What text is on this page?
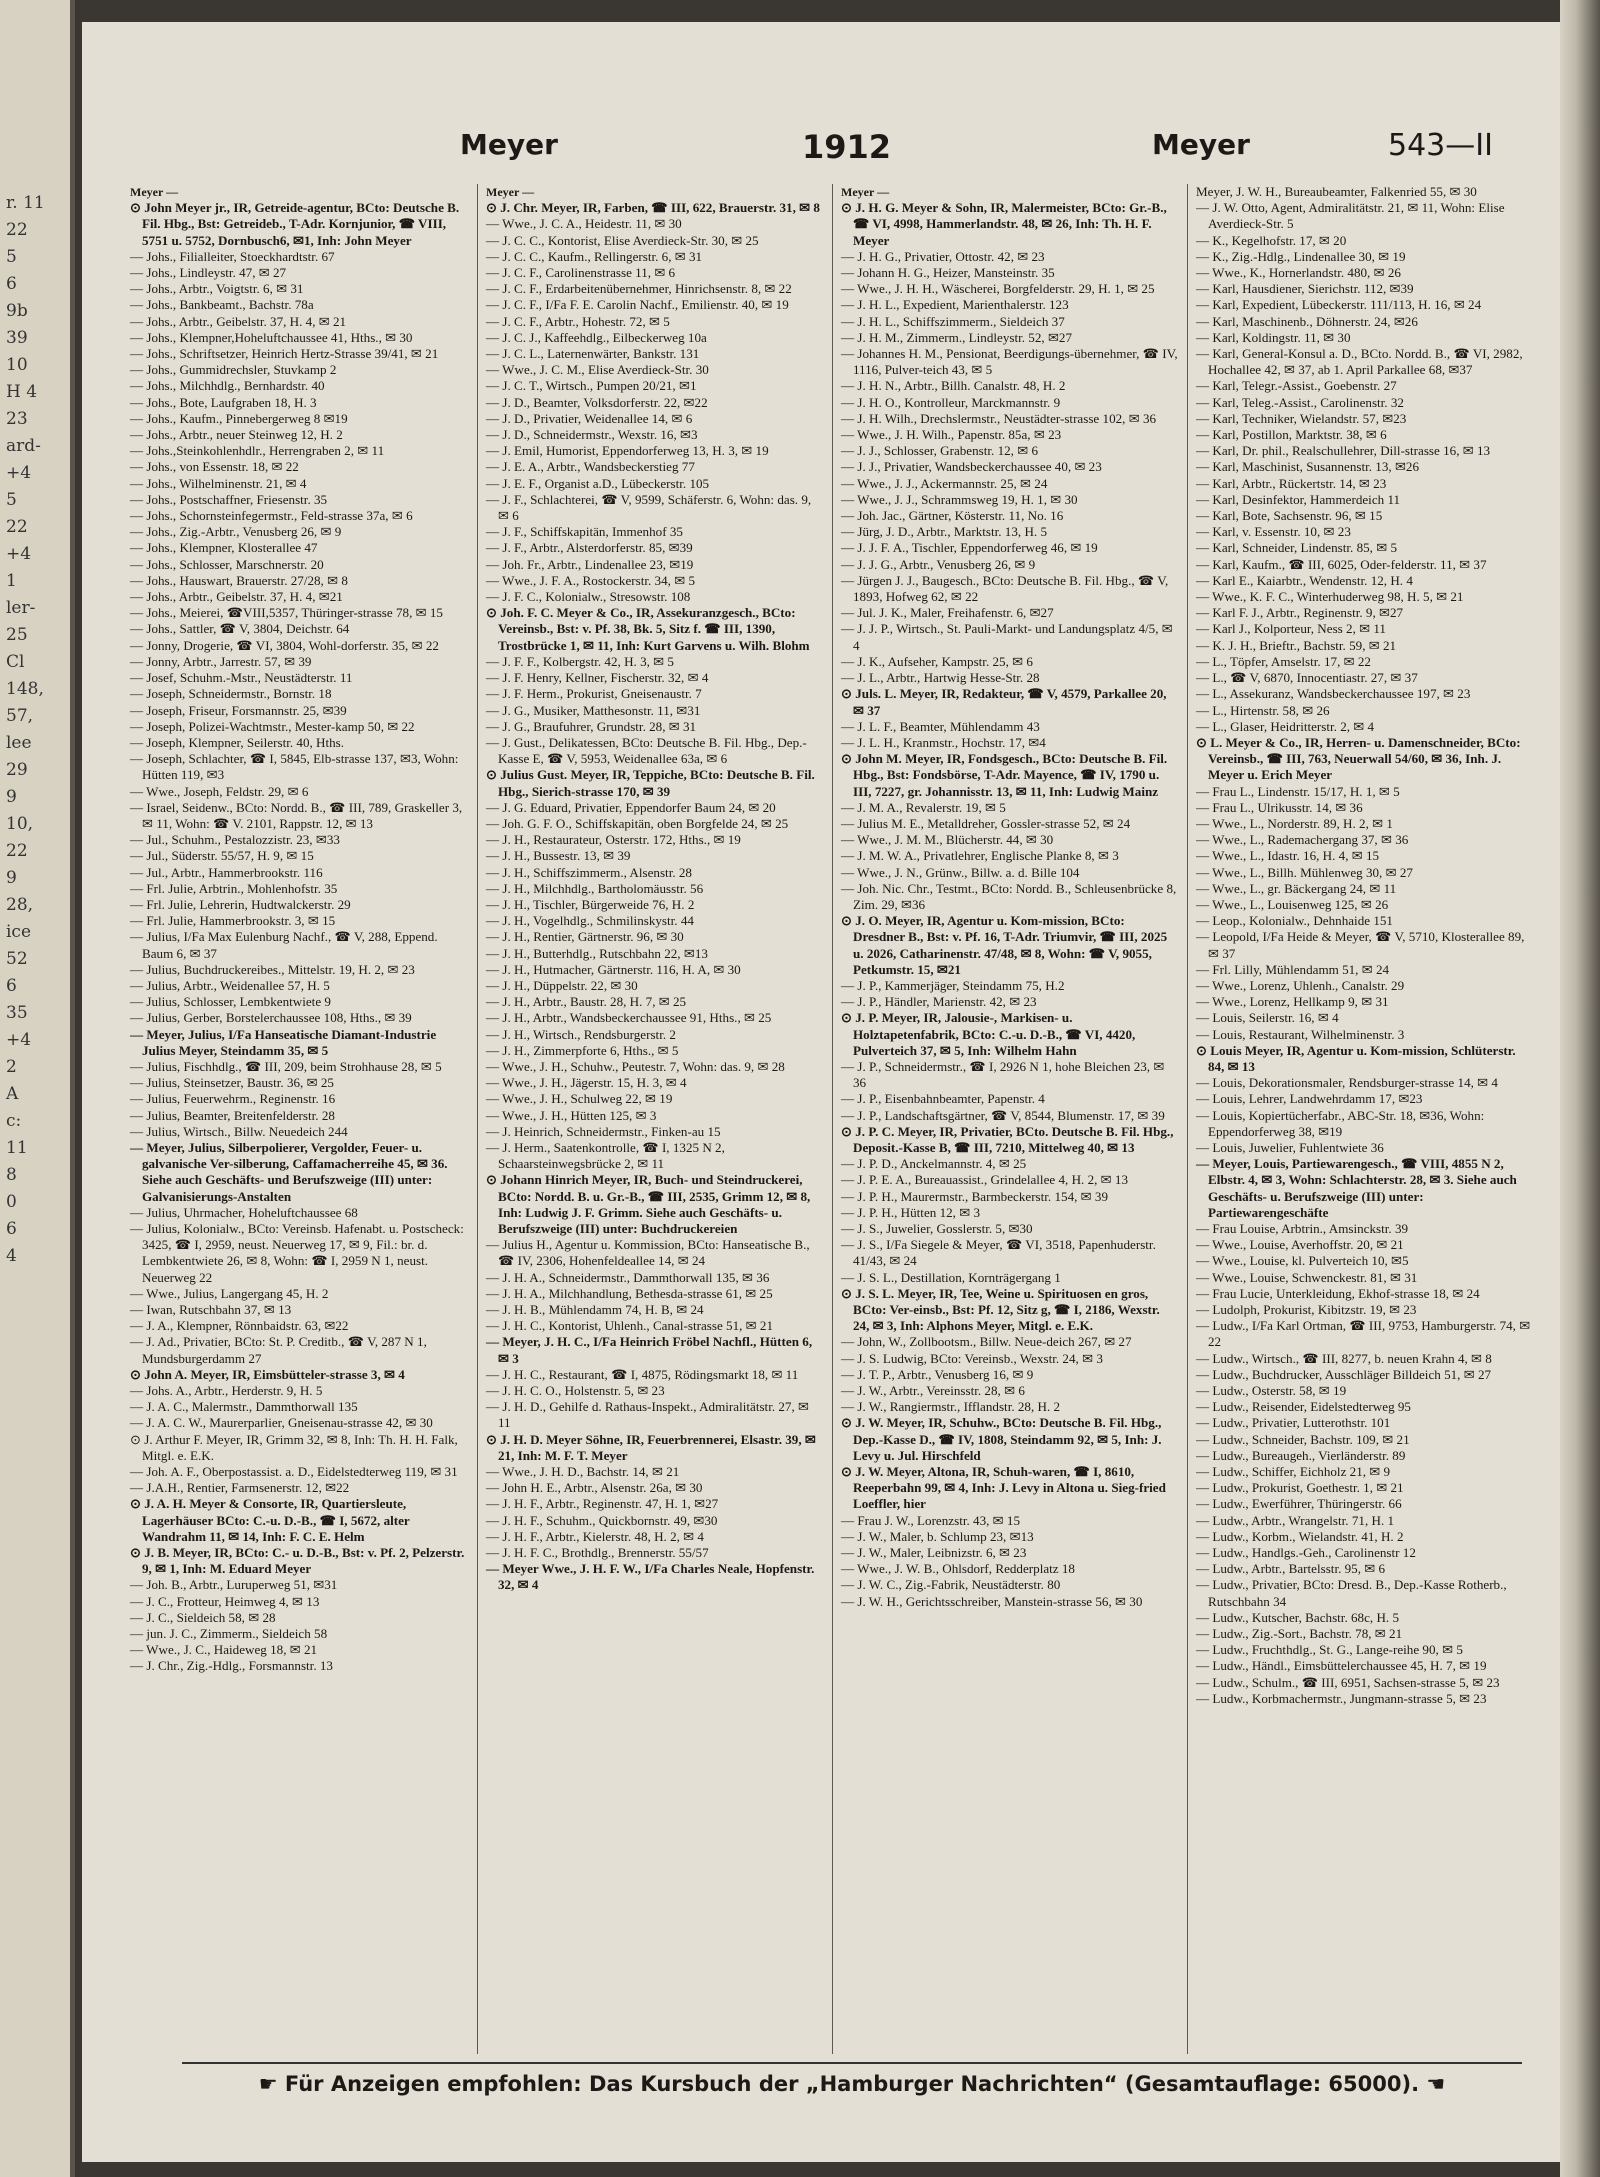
r. 11
22
5
6
9b
39
10
H 4
23
ard-
+4
5
22
+4
1
ler-
25
Cl
148,
57,
lee
29
9
10,
22
9
28,
ice
52
6
35
+4
2
A
c:
11
8
0
6
4
Meyer	1912	Meyer	543—II
Meyer —
⊙ John Meyer jr., IR, Getreide-agentur, BCto: Deutsche B. Fil. Hbg., Bst: Getreideb., T-Adr. Kornjunior, ☎ VIII, 5751 u. 5752, Dornbusch6, ✉1, Inh: John Meyer
— Johs., Filialleiter, Stoeckhardtstr. 67
— Johs., Lindleystr. 47, ✉ 27
— Johs., Arbtr., Voigtstr. 6, ✉ 31
— Johs., Bankbeamt., Bachstr. 78a
— Johs., Arbtr., Geibelstr. 37, H. 4, ✉ 21
— Johs., Klempner,Hoheluftchaussee 41, Hths., ✉ 30
— Johs., Schriftsetzer, Heinrich Hertz-Strasse 39/41, ✉ 21
— Johs., Gummidrechsler, Stuvkamp 2
— Johs., Milchhdlg., Bernhardstr. 40
— Johs., Bote, Laufgraben 18, H. 3
— Johs., Kaufm., Pinnebergerweg 8 ✉19
— Johs., Arbtr., neuer Steinweg 12, H. 2
— Johs.,Steinkohlenhdlr., Herrengraben 2, ✉ 11
— Johs., von Essenstr. 18, ✉ 22
— Johs., Wilhelminenstr. 21, ✉ 4
— Johs., Postschaffner, Friesenstr. 35
— Johs., Schornsteinfegermstr., Feld-strasse 37a, ✉ 6
— Johs., Zig.-Arbtr., Venusberg 26, ✉ 9
— Johs., Klempner, Klosterallee 47
— Johs., Schlosser, Marschnerstr. 20
— Johs., Hauswart, Brauerstr. 27/28, ✉ 8
— Johs., Arbtr., Geibelstr. 37, H. 4, ✉21
— Johs., Meierei, ☎VIII,5357, Thüringer-strasse 78, ✉ 15
— Johs., Sattler, ☎ V, 3804, Deichstr. 64
— Jonny, Drogerie, ☎ VI, 3804, Wohl-dorferstr. 35, ✉ 22
— Jonny, Arbtr., Jarrestr. 57, ✉ 39
— Josef, Schuhm.-Mstr., Neustädterstr. 11
— Joseph, Schneidermstr., Bornstr. 18
— Joseph, Friseur, Forsmannstr. 25, ✉39
— Joseph, Polizei-Wachtmstr., Mester-kamp 50, ✉ 22
— Joseph, Klempner, Seilerstr. 40, Hths.
— Joseph, Schlachter, ☎ I, 5845, Elb-strasse 137, ✉3, Wohn: Hütten 119, ✉3
— Wwe., Joseph, Feldstr. 29, ✉ 6
— Israel, Seidenw., BCto: Nordd. B., ☎ III, 789, Graskeller 3, ✉ 11, Wohn: ☎ V. 2101, Rappstr. 12, ✉ 13
— Jul., Schuhm., Pestalozzistr. 23, ✉33
— Jul., Süderstr. 55/57, H. 9, ✉ 15
— Jul., Arbtr., Hammerbrookstr. 116
— Frl. Julie, Arbtrin., Mohlenhofstr. 35
— Frl. Julie, Lehrerin, Hudtwalckerstr. 29
— Frl. Julie, Hammerbrookstr. 3, ✉ 15
— Julius, I/Fa Max Eulenburg Nachf., ☎ V, 288, Eppend. Baum 6, ✉ 37
— Julius, Buchdruckereibes., Mittelstr. 19, H. 2, ✉ 23
— Julius, Arbtr., Weidenallee 57, H. 5
— Julius, Schlosser, Lembkentwiete 9
— Julius, Gerber, Borstelerchaussee 108, Hths., ✉ 39
— Meyer, Julius, I/Fa Hanseatische Diamant-Industrie Julius Meyer, Steindamm 35, ✉ 5
— Julius, Fischhdlg., ☎ III, 209, beim Strohhause 28, ✉ 5
— Julius, Steinsetzer, Baustr. 36, ✉ 25
— Julius, Feuerwehrm., Reginenstr. 16
— Julius, Beamter, Breitenfelderstr. 28
— Julius, Wirtsch., Billw. Neuedeich 244
— Meyer, Julius, Silberpolierer, Vergolder, Feuer- u. galvanische Ver-silberung, Caffamacherreihe 45, ✉ 36. Siehe auch Geschäfts- und Berufszweige (III) unter: Galvanisierungs-Anstalten
— Julius, Uhrmacher, Hoheluftchaussee 68
— Julius, Kolonialw., BCto: Vereinsb. Hafenabt. u. Postscheck: 3425, ☎ I, 2959, neust. Neuerweg 17, ✉ 9, Fil.: br. d. Lembkentwiete 26, ✉ 8, Wohn: ☎ I, 2959 N 1, neust. Neuerweg 22
— Wwe., Julius, Langergang 45, H. 2
— Iwan, Rutschbahn 37, ✉ 13
— J. A., Klempner, Rönnbaidstr. 63, ✉22
— J. Ad., Privatier, BCto: St. P. Creditb., ☎ V, 287 N 1, Mundsburgerdamm 27
⊙ John A. Meyer, IR, Eimsbütteler-strasse 3, ✉ 4
— Johs. A., Arbtr., Herderstr. 9, H. 5
— J. A. C., Malermstr., Dammthorwall 135
— J. A. C. W., Maurerparlier, Gneisenau-strasse 42, ✉ 30
⊙ J. Arthur F. Meyer, IR, Grimm 32, ✉ 8, Inh: Th. H. H. Falk, Mitgl. e. E.K.
— Joh. A. F., Oberpostassist. a. D., Eidelstedterweg 119, ✉ 31
— J.A.H., Rentier, Farmsenerstr. 12, ✉22
⊙ J. A. H. Meyer & Consorte, IR, Quartiersleute, Lagerhäuser BCto: C.-u. D.-B., ☎ I, 5672, alter Wandrahm 11, ✉ 14, Inh: F. C. E. Helm
⊙ J. B. Meyer, IR, BCto: C.- u. D.-B., Bst: v. Pf. 2, Pelzerstr. 9, ✉ 1, Inh: M. Eduard Meyer
— Joh. B., Arbtr., Luruperweg 51, ✉31
— J. C., Frotteur, Heimweg 4, ✉ 13
— J. C., Sieldeich 58, ✉ 28
— jun. J. C., Zimmerm., Sieldeich 58
— Wwe., J. C., Haideweg 18, ✉ 21
— J. Chr., Zig.-Hdlg., Forsmannstr. 13
Meyer —
⊙ J. Chr. Meyer, IR, Farben, ☎ III, 622, Brauerstr. 31, ✉ 8
— Wwe., J. C. A., Heidestr. 11, ✉ 30
— J. C. C., Kontorist, Elise Averdieck-Str. 30, ✉ 25
— J. C. C., Kaufm., Rellingerstr. 6, ✉ 31
— J. C. F., Carolinenstrasse 11, ✉ 6
— J. C. F., Erdarbeitenübernehmer, Hinrichsenstr. 8, ✉ 22
— J. C. F., I/Fa F. E. Carolin Nachf., Emilienstr. 40, ✉ 19
— J. C. F., Arbtr., Hohestr. 72, ✉ 5
— J. C. J., Kaffeehdlg., Eilbeckerweg 10a
— J. C. L., Laternenwärter, Bankstr. 131
— Wwe., J. C. M., Elise Averdieck-Str. 30
— J. C. T., Wirtsch., Pumpen 20/21, ✉1
— J. D., Beamter, Volksdorferstr. 22, ✉22
— J. D., Privatier, Weidenallee 14, ✉ 6
— J. D., Schneidermstr., Wexstr. 16, ✉3
— J. Emil, Humorist, Eppendorferweg 13, H. 3, ✉ 19
— J. E. A., Arbtr., Wandsbeckerstieg 77
— J. E. F., Organist a.D., Lübeckerstr. 105
— J. F., Schlachterei, ☎ V, 9599, Schäferstr. 6, Wohn: das. 9, ✉ 6
— J. F., Schiffskapitän, Immenhof 35
— J. F., Arbtr., Alsterdorferstr. 85, ✉39
— Joh. Fr., Arbtr., Lindenallee 23, ✉19
— Wwe., J. F. A., Rostockerstr. 34, ✉ 5
— J. F. C., Kolonialw., Stresowstr. 108
⊙ Joh. F. C. Meyer & Co., IR, Assekuranzgesch., BCto: Vereinsb., Bst: v. Pf. 38, Bk. 5, Sitz f. ☎ III, 1390, Trostbrücke 1, ✉ 11, Inh: Kurt Garvens u. Wilh. Blohm
— J. F. F., Kolbergstr. 42, H. 3, ✉ 5
— J. F. Henry, Kellner, Fischerstr. 32, ✉ 4
— J. F. Herm., Prokurist, Gneisenaustr. 7
— J. G., Musiker, Matthesonstr. 11, ✉31
— J. G., Braufuhrer, Grundstr. 28, ✉ 31
— J. Gust., Delikatessen, BCto: Deutsche B. Fil. Hbg., Dep.-Kasse E, ☎ V, 5953, Weidenallee 63a, ✉ 6
⊙ Julius Gust. Meyer, IR, Teppiche, BCto: Deutsche B. Fil. Hbg., Sierich-strasse 170, ✉ 39
— J. G. Eduard, Privatier, Eppendorfer Baum 24, ✉ 20
— Joh. G. F. O., Schiffskapitän, oben Borgfelde 24, ✉ 25
— J. H., Restaurateur, Osterstr. 172, Hths., ✉ 19
— J. H., Bussestr. 13, ✉ 39
— J. H., Schiffszimmerm., Alsenstr. 28
— J. H., Milchhdlg., Bartholomäusstr. 56
— J. H., Tischler, Bürgerweide 76, H. 2
— J. H., Vogelhdlg., Schmilinskystr. 44
— J. H., Rentier, Gärtnerstr. 96, ✉ 30
— J. H., Butterhdlg., Rutschbahn 22, ✉13
— J. H., Hutmacher, Gärtnerstr. 116, H. A, ✉ 30
— J. H., Düppelstr. 22, ✉ 30
— J. H., Arbtr., Baustr. 28, H. 7, ✉ 25
— J. H., Arbtr., Wandsbeckerchaussee 91, Hths., ✉ 25
— J. H., Wirtsch., Rendsburgerstr. 2
— J. H., Zimmerpforte 6, Hths., ✉ 5
— Wwe., J. H., Schuhw., Peutestr. 7, Wohn: das. 9, ✉ 28
— Wwe., J. H., Jägerstr. 15, H. 3, ✉ 4
— Wwe., J. H., Schulweg 22, ✉ 19
— Wwe., J. H., Hütten 125, ✉ 3
— J. Heinrich, Schneidermstr., Finken-au 15
— J. Herm., Saatenkontrolle, ☎ I, 1325 N 2, Schaarsteinwegsbrücke 2, ✉ 11
⊙ Johann Hinrich Meyer, IR, Buch- und Steindruckerei, BCto: Nordd. B. u. Gr.-B., ☎ III, 2535, Grimm 12, ✉ 8, Inh: Ludwig J. F. Grimm. Siehe auch Geschäfts- u. Berufszweige (III) unter: Buchdruckereien
— Julius H., Agentur u. Kommission, BCto: Hanseatische B., ☎ IV, 2306, Hohenfeldeallee 14, ✉ 24
— J. H. A., Schneidermstr., Dammthorwall 135, ✉ 36
— J. H. A., Milchhandlung, Bethesda-strasse 61, ✉ 25
— J. H. B., Mühlendamm 74, H. B, ✉ 24
— J. H. C., Kontorist, Uhlenh., Canal-strasse 51, ✉ 21
— Meyer, J. H. C., I/Fa Heinrich Fröbel Nachfl., Hütten 6, ✉ 3
— J. H. C., Restaurant, ☎ I, 4875, Rödingsmarkt 18, ✉ 11
— J. H. C. O., Holstenstr. 5, ✉ 23
— J. H. D., Gehilfe d. Rathaus-Inspekt., Admiralitätstr. 27, ✉ 11
⊙ J. H. D. Meyer Söhne, IR, Feuerbrennerei, Elsastr. 39, ✉ 21, Inh: M. F. T. Meyer
— Wwe., J. H. D., Bachstr. 14, ✉ 21
— John H. E., Arbtr., Alsenstr. 26a, ✉ 30
— J. H. F., Arbtr., Reginenstr. 47, H. 1, ✉27
— J. H. F., Schuhm., Quickbornstr. 49, ✉30
— J. H. F., Arbtr., Kielerstr. 48, H. 2, ✉ 4
— J. H. F. C., Brothdlg., Brennerstr. 55/57
— Meyer Wwe., J. H. F. W., I/Fa Charles Neale, Hopfenstr. 32, ✉ 4
Meyer —
⊙ J. H. G. Meyer & Sohn, IR, Malermeister, BCto: Gr.-B., ☎ VI, 4998, Hammerlandstr. 48, ✉ 26, Inh: Th. H. F. Meyer
— J. H. G., Privatier, Ottostr. 42, ✉ 23
— Johann H. G., Heizer, Mansteinstr. 35
— Wwe., J. H. H., Wäscherei, Borgfelderstr. 29, H. 1, ✉ 25
— J. H. L., Expedient, Marienthalerstr. 123
— J. H. L., Schiffszimmerm., Sieldeich 37
— J. H. M., Zimmerm., Lindleystr. 52, ✉27
— Johannes H. M., Pensionat, Beerdigungs-übernehmer, ☎ IV, 1116, Pulver-teich 43, ✉ 5
— J. H. N., Arbtr., Billh. Canalstr. 48, H. 2
— J. H. O., Kontrolleur, Marckmannstr. 9
— J. H. Wilh., Drechslermstr., Neustädter-strasse 102, ✉ 36
— Wwe., J. H. Wilh., Papenstr. 85a, ✉ 23
— J. J., Schlosser, Grabenstr. 12, ✉ 6
— J. J., Privatier, Wandsbeckerchaussee 40, ✉ 23
— Wwe., J. J., Ackermannstr. 25, ✉ 24
— Wwe., J. J., Schrammsweg 19, H. 1, ✉ 30
— Joh. Jac., Gärtner, Kösterstr. 11, No. 16
— Jürg, J. D., Arbtr., Marktstr. 13, H. 5
— J. J. F. A., Tischler, Eppendorferweg 46, ✉ 19
— J. J. G., Arbtr., Venusberg 26, ✉ 9
— Jürgen J. J., Baugesch., BCto: Deutsche B. Fil. Hbg., ☎ V, 1893, Hofweg 62, ✉ 22
— Jul. J. K., Maler, Freihafenstr. 6, ✉27
— J. J. P., Wirtsch., St. Pauli-Markt- und Landungsplatz 4/5, ✉ 4
— J. K., Aufseher, Kampstr. 25, ✉ 6
— J. L., Arbtr., Hartwig Hesse-Str. 28
⊙ Juls. L. Meyer, IR, Redakteur, ☎ V, 4579, Parkallee 20, ✉ 37
— J. L. F., Beamter, Mühlendamm 43
— J. L. H., Kranmstr., Hochstr. 17, ✉4
⊙ John M. Meyer, IR, Fondsgesch., BCto: Deutsche B. Fil. Hbg., Bst: Fondsbörse, T-Adr. Mayence, ☎ IV, 1790 u. III, 7227, gr. Johannisstr. 13, ✉ 11, Inh: Ludwig Mainz
— J. M. A., Revalerstr. 19, ✉ 5
— Julius M. E., Metalldreher, Gossler-strasse 52, ✉ 24
— Wwe., J. M. M., Blücherstr. 44, ✉ 30
— J. M. W. A., Privatlehrer, Englische Planke 8, ✉ 3
— Wwe., J. N., Grünw., Billw. a. d. Bille 104
— Joh. Nic. Chr., Testmt., BCto: Nordd. B., Schleusenbrücke 8, Zim. 29, ✉36
⊙ J. O. Meyer, IR, Agentur u. Kom-mission, BCto: Dresdner B., Bst: v. Pf. 16, T-Adr. Triumvir, ☎ III, 2025 u. 2026, Catharinenstr. 47/48, ✉ 8, Wohn: ☎ V, 9055, Petkumstr. 15, ✉21
— J. P., Kammerjäger, Steindamm 75, H.2
— J. P., Händler, Marienstr. 42, ✉ 23
⊙ J. P. Meyer, IR, Jalousie-, Markisen- u. Holztapetenfabrik, BCto: C.-u. D.-B., ☎ VI, 4420, Pulverteich 37, ✉ 5, Inh: Wilhelm Hahn
— J. P., Schneidermstr., ☎ I, 2926 N 1, hohe Bleichen 23, ✉ 36
— J. P., Eisenbahnbeamter, Papenstr. 4
— J. P., Landschaftsgärtner, ☎ V, 8544, Blumenstr. 17, ✉ 39
⊙ J. P. C. Meyer, IR, Privatier, BCto. Deutsche B. Fil. Hbg., Deposit.-Kasse B, ☎ III, 7210, Mittelweg 40, ✉ 13
— J. P. D., Anckelmannstr. 4, ✉ 25
— J. P. E. A., Bureauassist., Grindelallee 4, H. 2, ✉ 13
— J. P. H., Maurermstr., Barmbeckerstr. 154, ✉ 39
— J. P. H., Hütten 12, ✉ 3
— J. S., Juwelier, Gosslerstr. 5, ✉30
— J. S., I/Fa Siegele & Meyer, ☎ VI, 3518, Papenhuderstr. 41/43, ✉ 24
— J. S. L., Destillation, Kornträgergang 1
⊙ J. S. L. Meyer, IR, Tee, Weine u. Spirituosen en gros, BCto: Ver-einsb., Bst: Pf. 12, Sitz g, ☎ I, 2186, Wexstr. 24, ✉ 3, Inh: Alphons Meyer, Mitgl. e. E.K.
— John, W., Zollbootsm., Billw. Neue-deich 267, ✉ 27
— J. S. Ludwig, BCto: Vereinsb., Wexstr. 24, ✉ 3
— J. T. P., Arbtr., Venusberg 16, ✉ 9
— J. W., Arbtr., Vereinsstr. 28, ✉ 6
— J. W., Rangiermstr., Ifflandstr. 28, H. 2
⊙ J. W. Meyer, IR, Schuhw., BCto: Deutsche B. Fil. Hbg., Dep.-Kasse D., ☎ IV, 1808, Steindamm 92, ✉ 5, Inh: J. Levy u. Jul. Hirschfeld
⊙ J. W. Meyer, Altona, IR, Schuh-waren, ☎ I, 8610, Reeperbahn 99, ✉ 4, Inh: J. Levy in Altona u. Sieg-fried Loeffler, hier
— Frau J. W., Lorenzstr. 43, ✉ 15
— J. W., Maler, b. Schlump 23, ✉13
— J. W., Maler, Leibnizstr. 6, ✉ 23
— Wwe., J. W. B., Ohlsdorf, Redderplatz 18
— J. W. C., Zig.-Fabrik, Neustädterstr. 80
— J. W. H., Gerichtsschreiber, Manstein-strasse 56, ✉ 30
Meyer, J. W. H., Bureaubeamter, Falkenried 55, ✉ 30
— J. W. Otto, Agent, Admiralitätstr. 21, ✉ 11, Wohn: Elise Averdieck-Str. 5
— K., Kegelhofstr. 17, ✉ 20
— K., Zig.-Hdlg., Lindenallee 30, ✉ 19
— Wwe., K., Hornerlandstr. 480, ✉ 26
— Karl, Hausdiener, Sierichstr. 112, ✉39
— Karl, Expedient, Lübeckerstr. 111/113, H. 16, ✉ 24
— Karl, Maschinenb., Döhnerstr. 24, ✉26
— Karl, Koldingstr. 11, ✉ 30
— Karl, General-Konsul a. D., BCto. Nordd. B., ☎ VI, 2982, Hochallee 42, ✉ 37, ab 1. April Parkallee 68, ✉37
— Karl, Telegr.-Assist., Goebenstr. 27
— Karl, Teleg.-Assist., Carolinenstr. 32
— Karl, Techniker, Wielandstr. 57, ✉23
— Karl, Postillon, Marktstr. 38, ✉ 6
— Karl, Dr. phil., Realschullehrer, Dill-strasse 16, ✉ 13
— Karl, Maschinist, Susannenstr. 13, ✉26
— Karl, Arbtr., Rückertstr. 14, ✉ 23
— Karl, Desinfektor, Hammerdeich 11
— Karl, Bote, Sachsenstr. 96, ✉ 15
— Karl, v. Essenstr. 10, ✉ 23
— Karl, Schneider, Lindenstr. 85, ✉ 5
— Karl, Kaufm., ☎ III, 6025, Oder-felderstr. 11, ✉ 37
— Karl E., Kaiarbtr., Wendenstr. 12, H. 4
— Wwe., K. F. C., Winterhuderweg 98, H. 5, ✉ 21
— Karl F. J., Arbtr., Reginenstr. 9, ✉27
— Karl J., Kolporteur, Ness 2, ✉ 11
— K. J. H., Brieftr., Bachstr. 59, ✉ 21
— L., Töpfer, Amselstr. 17, ✉ 22
— L., ☎ V, 6870, Innocentiastr. 27, ✉ 37
— L., Assekuranz, Wandsbeckerchaussee 197, ✉ 23
— L., Hirtenstr. 58, ✉ 26
— L., Glaser, Heidritterstr. 2, ✉ 4
⊙ L. Meyer & Co., IR, Herren- u. Damenschneider, BCto: Vereinsb., ☎ III, 763, Neuerwall 54/60, ✉ 36, Inh. J. Meyer u. Erich Meyer
— Frau L., Lindenstr. 15/17, H. 1, ✉ 5
— Frau L., Ulrikusstr. 14, ✉ 36
— Wwe., L., Norderstr. 89, H. 2, ✉ 1
— Wwe., L., Rademachergang 37, ✉ 36
— Wwe., L., Idastr. 16, H. 4, ✉ 15
— Wwe., L., Billh. Mühlenweg 30, ✉ 27
— Wwe., L., gr. Bäckergang 24, ✉ 11
— Wwe., L., Louisenweg 125, ✉ 26
— Leop., Kolonialw., Dehnhaide 151
— Leopold, I/Fa Heide & Meyer, ☎ V, 5710, Klosterallee 89, ✉ 37
— Frl. Lilly, Mühlendamm 51, ✉ 24
— Wwe., Lorenz, Uhlenh., Canalstr. 29
— Wwe., Lorenz, Hellkamp 9, ✉ 31
— Louis, Seilerstr. 16, ✉ 4
— Louis, Restaurant, Wilhelminenstr. 3
⊙ Louis Meyer, IR, Agentur u. Kom-mission, Schlüterstr. 84, ✉ 13
— Louis, Dekorationsmaler, Rendsburger-strasse 14, ✉ 4
— Louis, Lehrer, Landwehrdamm 17, ✉23
— Louis, Kopiertücherfabr., ABC-Str. 18, ✉36, Wohn: Eppendorferweg 38, ✉19
— Louis, Juwelier, Fuhlentwiete 36
— Meyer, Louis, Partiewarengesch., ☎ VIII, 4855 N 2, Elbstr. 4, ✉ 3, Wohn: Schlachterstr. 28, ✉ 3. Siehe auch Geschäfts- u. Berufszweige (III) unter: Partiewarengeschäfte
— Frau Louise, Arbtrin., Amsinckstr. 39
— Wwe., Louise, Averhoffstr. 20, ✉ 21
— Wwe., Louise, kl. Pulverteich 10, ✉5
— Wwe., Louise, Schwenckestr. 81, ✉ 31
— Frau Lucie, Unterkleidung, Ekhof-strasse 18, ✉ 24
— Ludolph, Prokurist, Kibitzstr. 19, ✉ 23
— Ludw., I/Fa Karl Ortman, ☎ III, 9753, Hamburgerstr. 74, ✉ 22
— Ludw., Wirtsch., ☎ III, 8277, b. neuen Krahn 4, ✉ 8
— Ludw., Buchdrucker, Ausschläger Billdeich 51, ✉ 27
— Ludw., Osterstr. 58, ✉ 19
— Ludw., Reisender, Eidelstedterweg 95
— Ludw., Privatier, Lutterothstr. 101
— Ludw., Schneider, Bachstr. 109, ✉ 21
— Ludw., Bureaugeh., Vierländerstr. 89
— Ludw., Schiffer, Eichholz 21, ✉ 9
— Ludw., Prokurist, Goethestr. 1, ✉ 21
— Ludw., Ewerführer, Thüringerstr. 66
— Ludw., Arbtr., Wrangelstr. 71, H. 1
— Ludw., Korbm., Wielandstr. 41, H. 2
— Ludw., Handlgs.-Geh., Carolinenstr 12
— Ludw., Arbtr., Bartelsstr. 95, ✉ 6
— Ludw., Privatier, BCto: Dresd. B., Dep.-Kasse Rotherb., Rutschbahn 34
— Ludw., Kutscher, Bachstr. 68c, H. 5
— Ludw., Zig.-Sort., Bachstr. 78, ✉ 21
— Ludw., Fruchthdlg., St. G., Lange-reihe 90, ✉ 5
— Ludw., Händl., Eimsbüttelerchaussee 45, H. 7, ✉ 19
— Ludw., Schulm., ☎ III, 6951, Sachsen-strasse 5, ✉ 23
— Ludw., Korbmachermstr., Jungmann-strasse 5, ✉ 23
☛ Für Anzeigen empfohlen: Das Kursbuch der „Hamburger Nachrichten“ (Gesamtauflage: 65000). ☚
